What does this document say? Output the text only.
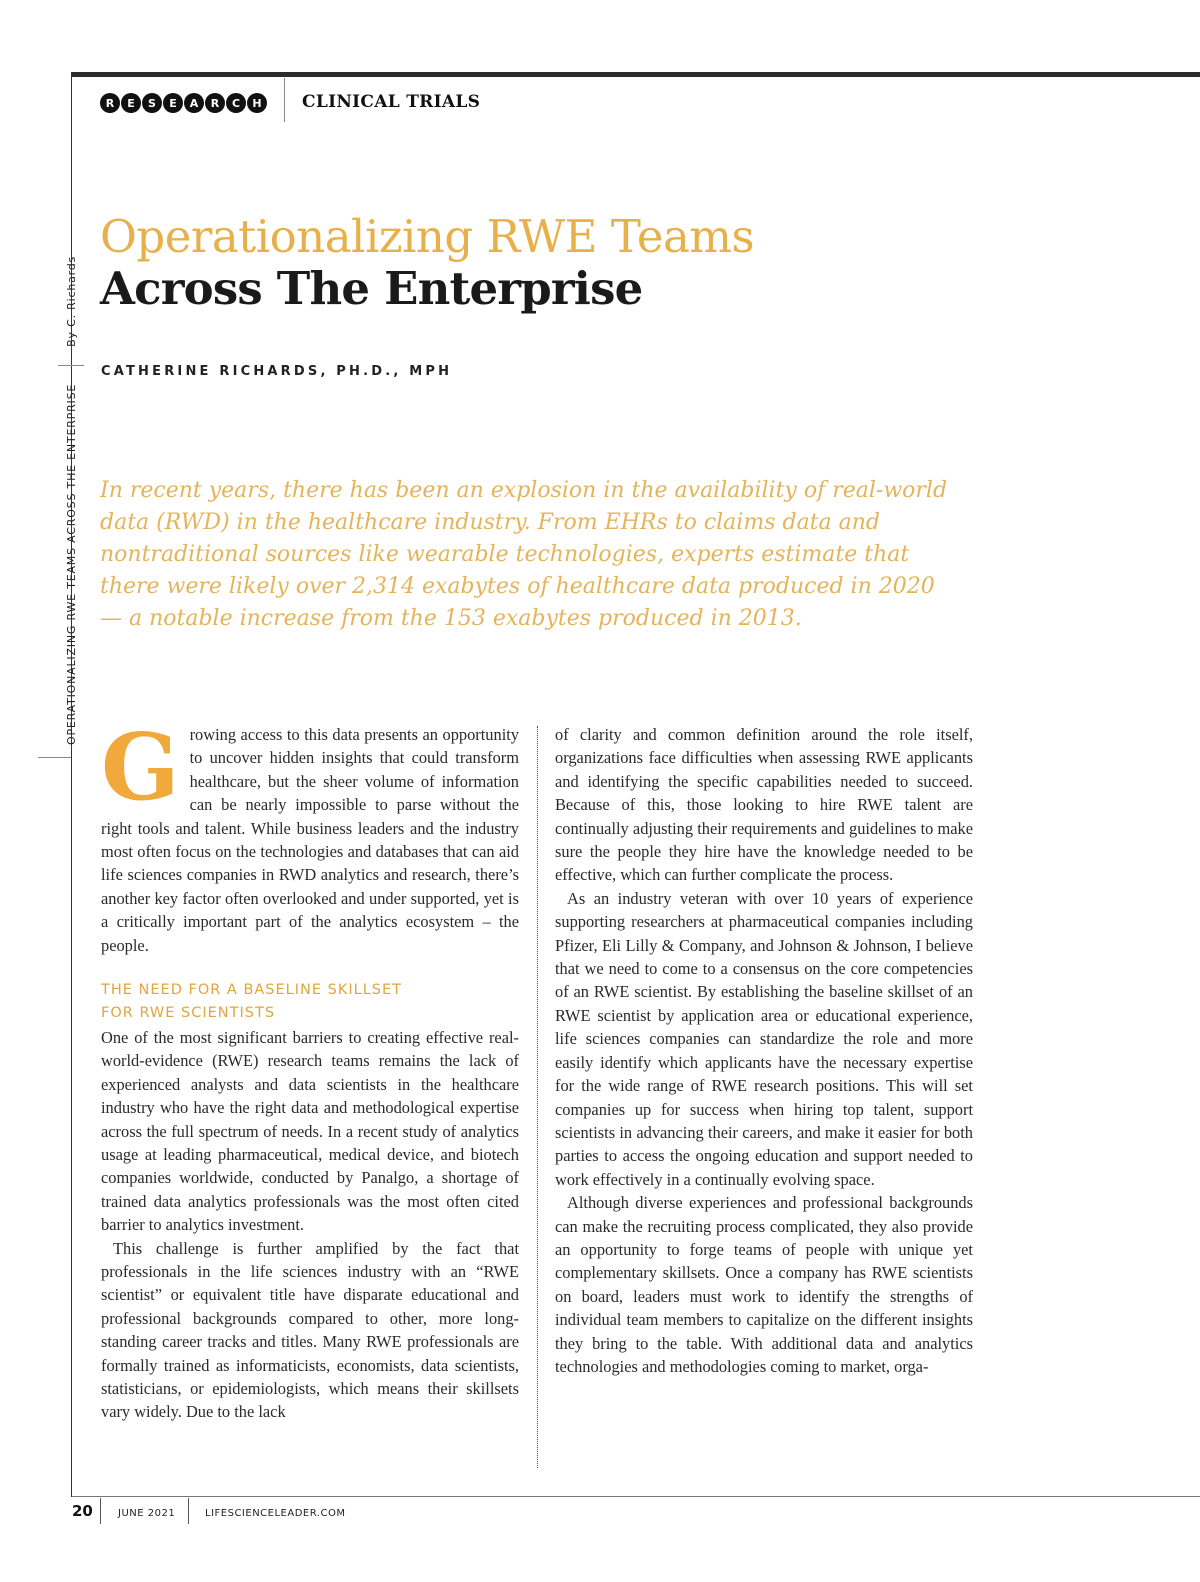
R	E	S	E	A	R	C	H	CLINICAL TRIALS
OPERATIONALIZING RWE TEAMS ACROSS THE ENTERPRISE
By C. Richards
Operationalizing RWE Teams
Across The Enterprise
CATHERINE RICHARDS, PH.D., MPH
In recent years, there has been an explosion in the availability of real-world data (RWD) in the healthcare industry. From EHRs to claims data and nontraditional sources like wearable technologies, experts estimate that there were likely over 2,314 exabytes of healthcare data produced in 2020 — a notable increase from the 153 exabytes produced in 2013.

Growing access to this data presents an opportunity to uncover hidden insights that could transform healthcare, but the sheer volume of information can be nearly impossible to parse without the right tools and talent. While business leaders and the industry most often focus on the technologies and databases that can aid life sciences companies in RWD analytics and research, there’s another key factor often overlooked and under supported, yet is a critically important part of the analytics ecosystem – the people.

THE NEED FOR A BASELINE SKILLSET
FOR RWE SCIENTISTS

One of the most significant barriers to creating effective real-world-evidence (RWE) research teams remains the lack of experienced analysts and data scientists in the healthcare industry who have the right data and methodological expertise across the full spectrum of needs. In a recent study of analytics usage at leading pharmaceutical, medical device, and biotech companies worldwide, conducted by Panalgo, a shortage of trained data analytics professionals was the most often cited barrier to analytics investment.

This challenge is further amplified by the fact that professionals in the life sciences industry with an “RWE scientist” or equivalent title have disparate educational and professional backgrounds compared to other, more long-standing career tracks and titles. Many RWE professionals are formally trained as informaticists, economists, data scientists, statisticians, or epidemiologists, which means their skillsets vary widely. Due to the lack

of clarity and common definition around the role itself, organizations face difficulties when assessing RWE applicants and identifying the specific capabilities needed to succeed. Because of this, those looking to hire RWE talent are continually adjusting their requirements and guidelines to make sure the people they hire have the knowledge needed to be effective, which can further complicate the process.

As an industry veteran with over 10 years of experience supporting researchers at pharmaceutical companies including Pfizer, Eli Lilly & Company, and Johnson & Johnson, I believe that we need to come to a consensus on the core competencies of an RWE scientist. By establishing the baseline skillset of an RWE scientist by application area or educational experience, life sciences companies can standardize the role and more easily identify which applicants have the necessary expertise for the wide range of RWE research positions. This will set companies up for success when hiring top talent, support scientists in advancing their careers, and make it easier for both parties to access the ongoing education and support needed to work effectively in a continually evolving space.

Although diverse experiences and professional backgrounds can make the recruiting process complicated, they also provide an opportunity to forge teams of people with unique yet complementary skillsets. Once a company has RWE scientists on board, leaders must work to identify the strengths of individual team members to capitalize on the different insights they bring to the table. With additional data and analytics technologies and methodologies coming to market, orga-

20	JUNE 2021	LIFESCIENCELEADER.COM
